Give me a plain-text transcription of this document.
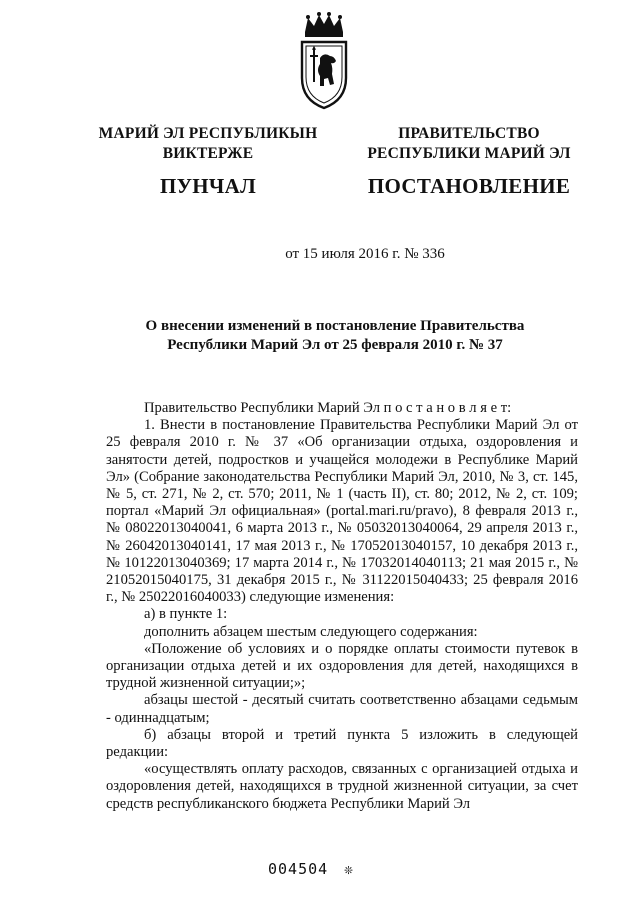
МАРИЙ ЭЛ РЕСПУБЛИКЫН
ВИКТЕРЖЕ
ПУНЧАЛ
ПРАВИТЕЛЬСТВО
РЕСПУБЛИКИ МАРИЙ ЭЛ
ПОСТАНОВЛЕНИЕ
от 15 июля 2016 г. № 336
О внесении изменений в постановление Правительства
Республики Марий Эл от 25 февраля 2010 г. № 37

Правительство Республики Марий Эл п о с т а н о в л я е т:

1. Внести в постановление Правительства Республики Марий Эл от 25 февраля 2010 г. № 37 «Об организации отдыха, оздоровления и занятости детей, подростков и учащейся молодежи в Республике Марий Эл» (Собрание законодательства Республики Марий Эл, 2010, № 3, ст. 145, № 5, ст. 271, № 2, ст. 570; 2011, № 1 (часть II), ст. 80; 2012, № 2, ст. 109; портал «Марий Эл официальная» (portal.mari.ru/pravo), 8 февраля 2013 г., № 08022013040041, 6 марта 2013 г., № 05032013040064, 29 апреля 2013 г., № 26042013040141, 17 мая 2013 г., № 17052013040157, 10 декабря 2013 г., № 10122013040369; 17 марта 2014 г., № 17032014040113; 21 мая 2015 г., № 21052015040175, 31 декабря 2015 г., № 31122015040433; 25 февраля 2016 г., № 25022016040033) следующие изменения:

а) в пункте 1:

дополнить абзацем шестым следующего содержания:

«Положение об условиях и о порядке оплаты стоимости путевок в организации отдыха детей и их оздоровления для детей, находящихся в трудной жизненной ситуации;»;

абзацы шестой - десятый считать соответственно абзацами седьмым - одиннадцатым;

б) абзацы второй и третий пункта 5 изложить в следующей редакции:

«осуществлять оплату расходов, связанных с организацией отдыха и оздоровления детей, находящихся в трудной жизненной ситуации, за счет средств республиканского бюджета Республики Марий Эл

004504 ❊
